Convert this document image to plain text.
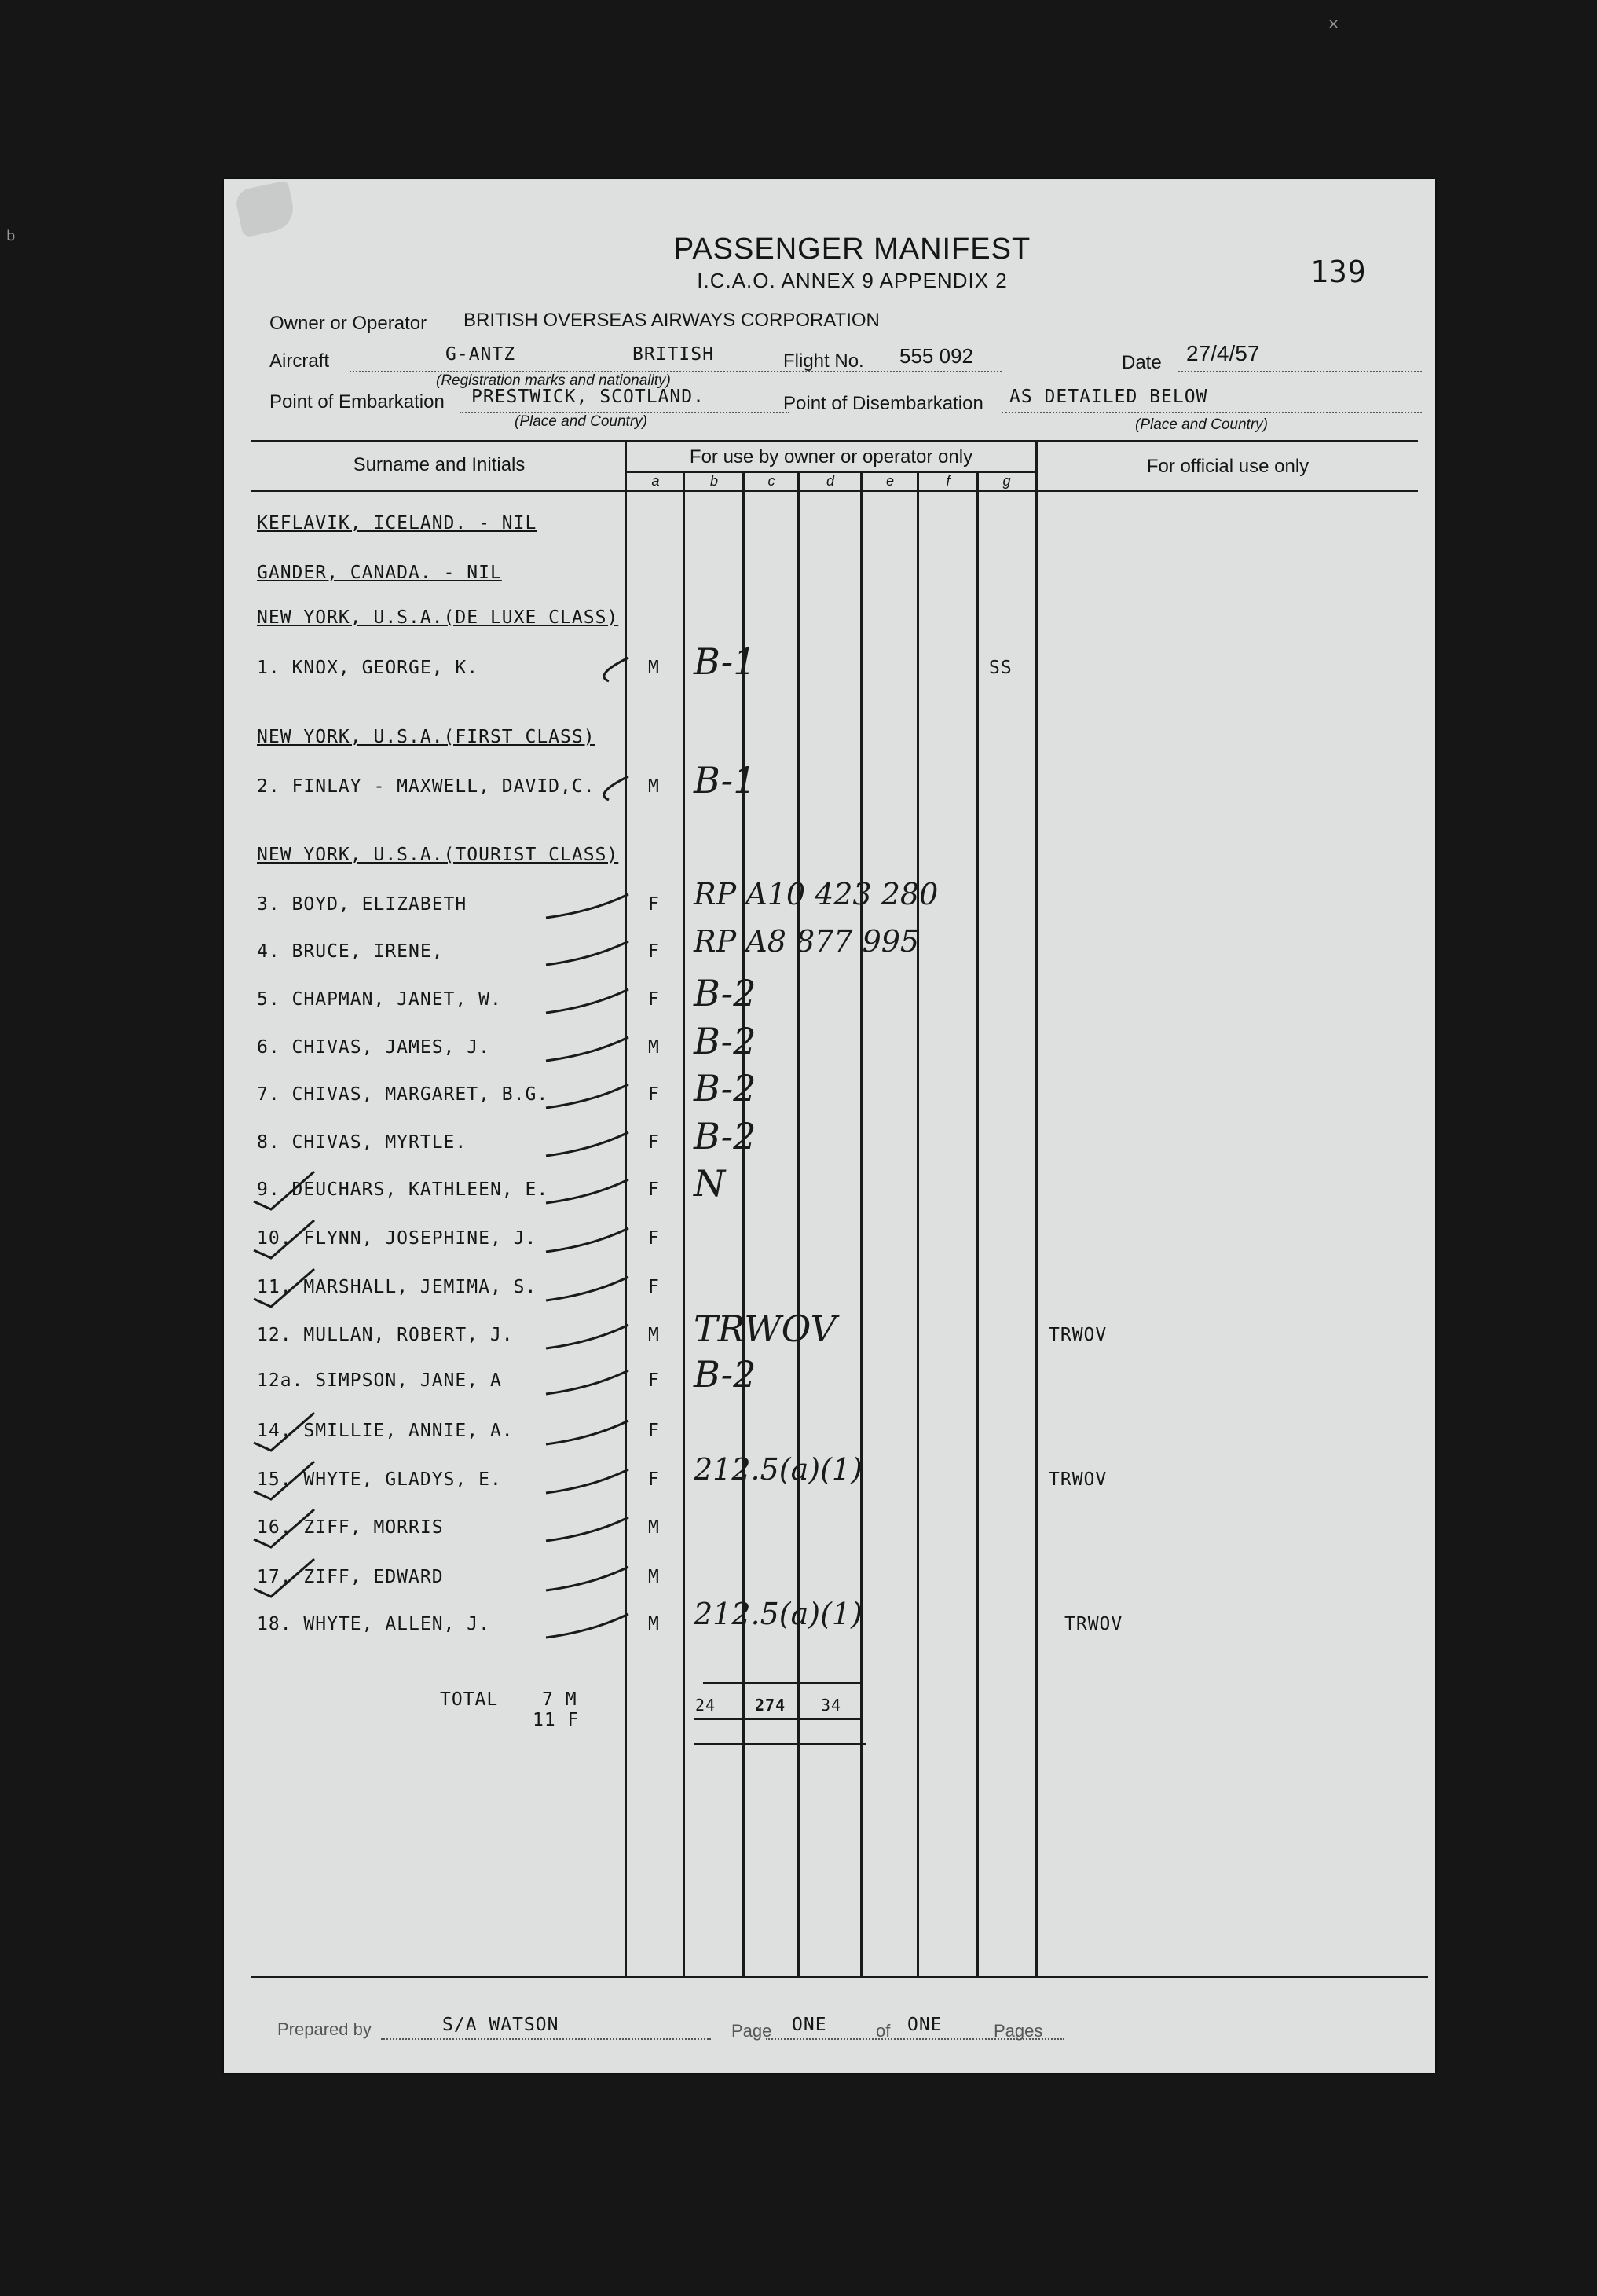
b
×
PASSENGER MANIFEST
I.C.A.O. ANNEX 9 APPENDIX 2	139
Owner or Operator BRITISH OVERSEAS AIRWAYS CORPORATION
Aircraft	G-ANTZ	BRITISH	Flight No. 555 092	Date 27/4/57
(Registration marks and nationality)
Point of Embarkation PRESTWICK, SCOTLAND.	Point of Disembarkation AS DETAILED BELOW
(Place and Country)	(Place and Country)
Surname and Initials	For use by owner or operator only	For official use only
a	b	c	d	e	f	g
KEFLAVIK, ICELAND. - NIL
GANDER, CANADA. - NIL
NEW YORK, U.S.A.(DE LUXE CLASS)
1. KNOX, GEORGE, K.	M B-1	SS
NEW YORK, U.S.A.(FIRST CLASS)
2. FINLAY - MAXWELL, DAVID,C.	M B-1
NEW YORK, U.S.A.(TOURIST CLASS)
3. BOYD, ELIZABETH	F RP A10 423 280
4. BRUCE, IRENE,	F RP A8 877 995
5. CHAPMAN, JANET, W.	F B-2
6. CHIVAS, JAMES, J.	M B-2
7. CHIVAS, MARGARET, B.G.	F B-2
8. CHIVAS, MYRTLE.	F B-2
9. DEUCHARS, KATHLEEN, E.	F N
10. FLYNN, JOSEPHINE, J.	F
11. MARSHALL, JEMIMA, S.	F
12. MULLAN, ROBERT, J.	M TRWOV	TRWOV
12a. SIMPSON, JANE, A	F B-2
14. SMILLIE, ANNIE, A.	F
15. WHYTE, GLADYS, E.	F 212.5(a)(1)	TRWOV
16. ZIFF, MORRIS	M
17. ZIFF, EDWARD	M
18. WHYTE, ALLEN, J.	M 212.5(a)(1)	TRWOV
TOTAL 7 M
11 F
24 274 34
Prepared by	S/A WATSON	Page ONE	of ONE	Pages
